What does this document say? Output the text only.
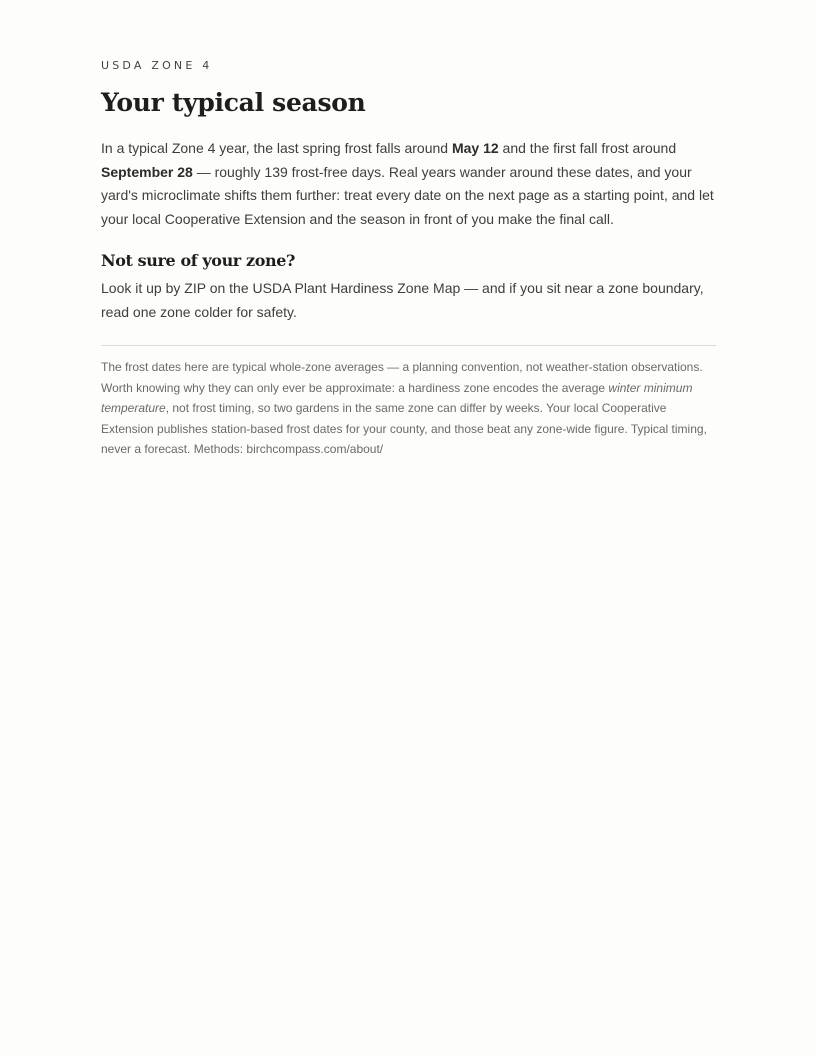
USDA ZONE 4
Your typical season

In a typical Zone 4 year, the last spring frost falls around May 12 and the first fall frost around September 28 — roughly 139 frost-free days. Real years wander around these dates, and your yard's microclimate shifts them further: treat every date on the next page as a starting point, and let your local Cooperative Extension and the season in front of you make the final call.

Not sure of your zone?

Look it up by ZIP on the USDA Plant Hardiness Zone Map — and if you sit near a zone boundary, read one zone colder for safety.

The frost dates here are typical whole-zone averages — a planning convention, not weather-station observations. Worth knowing why they can only ever be approximate: a hardiness zone encodes the average winter minimum temperature, not frost timing, so two gardens in the same zone can differ by weeks. Your local Cooperative Extension publishes station-based frost dates for your county, and those beat any zone-wide figure. Typical timing, never a forecast. Methods: birchcompass.com/about/
